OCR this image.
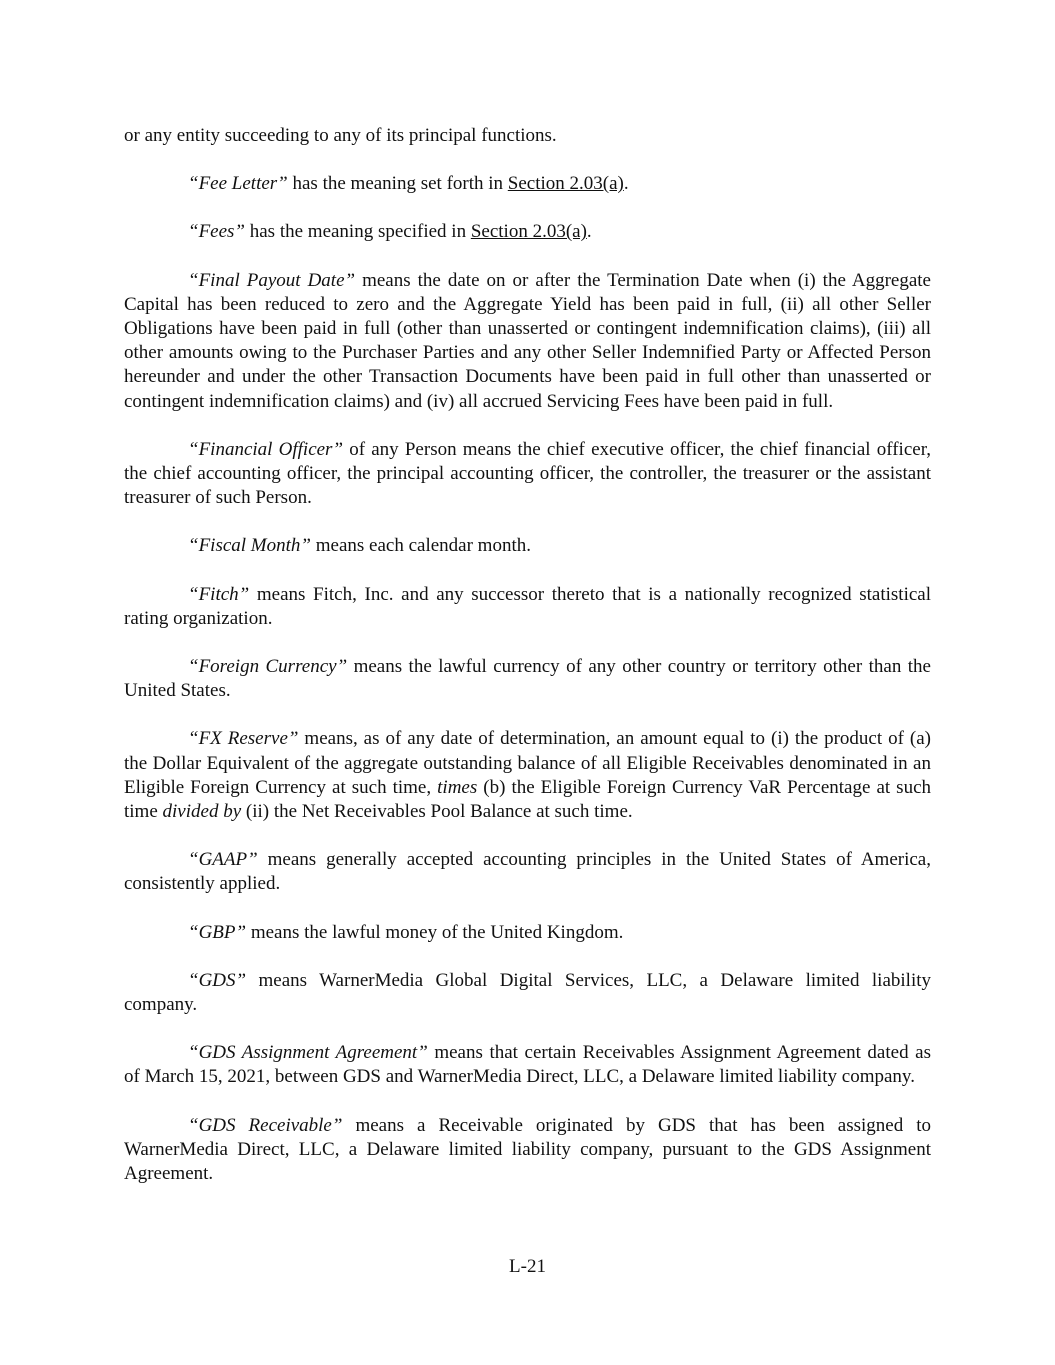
or any entity succeeding to any of its principal functions.

“Fee Letter” has the meaning set forth in Section 2.03(a).

“Fees” has the meaning specified in Section 2.03(a).

“Final Payout Date” means the date on or after the Termination Date when (i) the Aggregate Capital has been reduced to zero and the Aggregate Yield has been paid in full, (ii) all other Seller Obligations have been paid in full (other than unasserted or contingent indemnification claims), (iii) all other amounts owing to the Purchaser Parties and any other Seller Indemnified Party or Affected Person hereunder and under the other Transaction Documents have been paid in full other than unasserted or contingent indemnification claims) and (iv) all accrued Servicing Fees have been paid in full.

“Financial Officer” of any Person means the chief executive officer, the chief financial officer, the chief accounting officer, the principal accounting officer, the controller, the treasurer or the assistant treasurer of such Person.

“Fiscal Month” means each calendar month.

“Fitch” means Fitch, Inc. and any successor thereto that is a nationally recognized statistical rating organization.

“Foreign Currency” means the lawful currency of any other country or territory other than the United States.

“FX Reserve” means, as of any date of determination, an amount equal to (i) the product of (a) the Dollar Equivalent of the aggregate outstanding balance of all Eligible Receivables denominated in an Eligible Foreign Currency at such time, times (b) the Eligible Foreign Currency VaR Percentage at such time divided by (ii) the Net Receivables Pool Balance at such time.

“GAAP” means generally accepted accounting principles in the United States of America, consistently applied.

“GBP” means the lawful money of the United Kingdom.

“GDS” means WarnerMedia Global Digital Services, LLC, a Delaware limited liability company.

“GDS Assignment Agreement” means that certain Receivables Assignment Agreement dated as of March 15, 2021, between GDS and WarnerMedia Direct, LLC, a Delaware limited liability company.

“GDS Receivable” means a Receivable originated by GDS that has been assigned to WarnerMedia Direct, LLC, a Delaware limited liability company, pursuant to the GDS Assignment Agreement.

L-21
